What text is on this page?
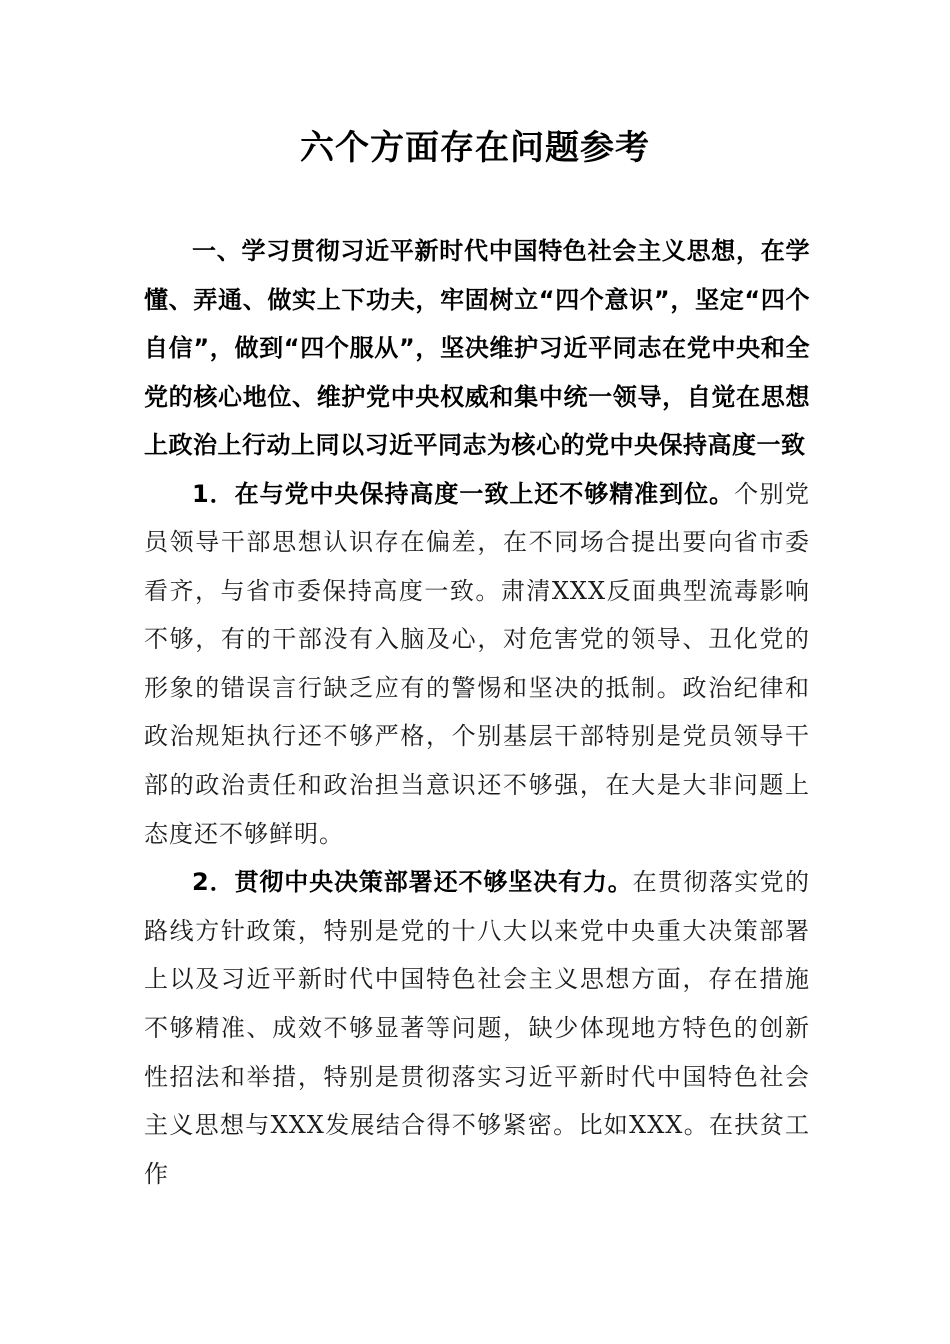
六个方面存在问题参考

一、学习贯彻习近平新时代中国特色社会主义思想，在学懂、弄通、做实上下功夫，牢固树立“四个意识”，坚定“四个自信”，做到“四个服从”，坚决维护习近平同志在党中央和全党的核心地位、维护党中央权威和集中统一领导，自觉在思想上政治上行动上同以习近平同志为核心的党中央保持高度一致

1．在与党中央保持高度一致上还不够精准到位。个别党员领导干部思想认识存在偏差，在不同场合提出要向省市委看齐，与省市委保持高度一致。肃清XXX反面典型流毒影响不够，有的干部没有入脑及心，对危害党的领导、丑化党的形象的错误言行缺乏应有的警惕和坚决的抵制。政治纪律和政治规矩执行还不够严格，个别基层干部特别是党员领导干部的政治责任和政治担当意识还不够强，在大是大非问题上态度还不够鲜明。

2．贯彻中央决策部署还不够坚决有力。在贯彻落实党的路线方针政策，特别是党的十八大以来党中央重大决策部署上以及习近平新时代中国特色社会主义思想方面，存在措施不够精准、成效不够显著等问题，缺少体现地方特色的创新性招法和举措，特别是贯彻落实习近平新时代中国特色社会主义思想与XXX发展结合得不够紧密。比如XXX。在扶贫工作
